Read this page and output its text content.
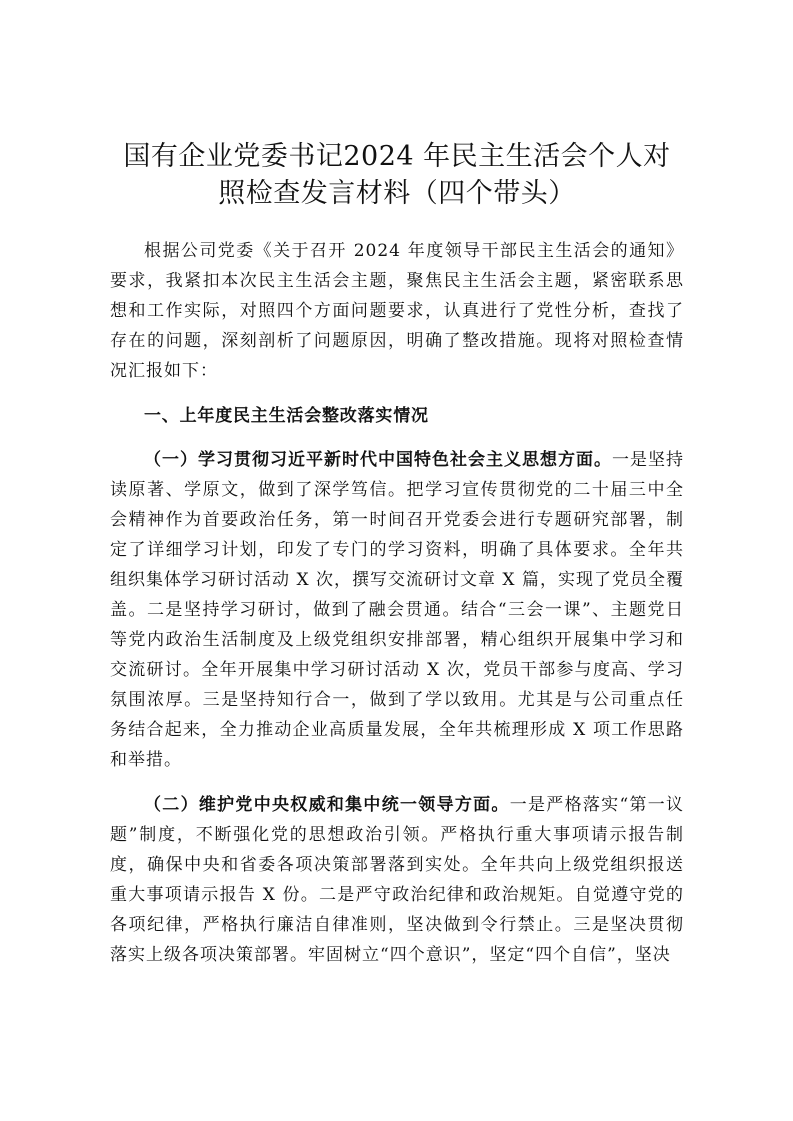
国有企业党委书记2024 年民主生活会个人对
照检查发言材料（四个带头）

根据公司党委《关于召开 2024 年度领导干部民主生活会的通知》要求，我紧扣本次民主生活会主题，聚焦民主生活会主题，紧密联系思想和工作实际，对照四个方面问题要求，认真进行了党性分析，查找了存在的问题，深刻剖析了问题原因，明确了整改措施。现将对照检查情况汇报如下：

一、上年度民主生活会整改落实情况

（一）学习贯彻习近平新时代中国特色社会主义思想方面。一是坚持读原著、学原文，做到了深学笃信。把学习宣传贯彻党的二十届三中全会精神作为首要政治任务，第一时间召开党委会进行专题研究部署，制定了详细学习计划，印发了专门的学习资料，明确了具体要求。全年共组织集体学习研讨活动 X 次，撰写交流研讨文章 X 篇，实现了党员全覆盖。二是坚持学习研讨，做到了融会贯通。结合“三会一课”、主题党日等党内政治生活制度及上级党组织安排部署，精心组织开展集中学习和交流研讨。全年开展集中学习研讨活动 X 次，党员干部参与度高、学习氛围浓厚。三是坚持知行合一，做到了学以致用。尤其是与公司重点任务结合起来，全力推动企业高质量发展，全年共梳理形成 X 项工作思路和举措。

（二）维护党中央权威和集中统一领导方面。一是严格落实“第一议题”制度，不断强化党的思想政治引领。严格执行重大事项请示报告制度，确保中央和省委各项决策部署落到实处。全年共向上级党组织报送重大事项请示报告 X 份。二是严守政治纪律和政治规矩。自觉遵守党的各项纪律，严格执行廉洁自律准则，坚决做到令行禁止。三是坚决贯彻落实上级各项决策部署。牢固树立“四个意识”，坚定“四个自信”，坚决
